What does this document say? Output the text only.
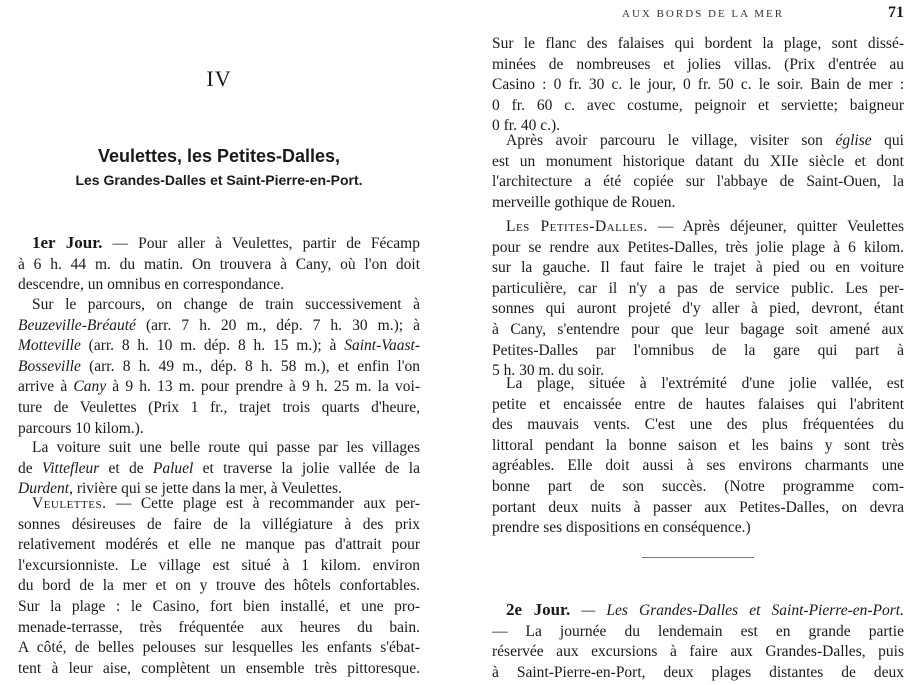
IV
Veulettes, les Petites-Dalles,
Les Grandes-Dalles et Saint-Pierre-en-Port.
1er Jour. — Pour aller à Veulettes, partir de Fécamp
à 6 h. 44 m. du matin. On trouvera à Cany, où l'on doit
descendre, un omnibus en correspondance.
Sur le parcours, on change de train successivement à
Beuzeville-Bréauté (arr. 7 h. 20 m., dép. 7 h. 30 m.); à
Motteville (arr. 8 h. 10 m. dép. 8 h. 15 m.); à Saint-Vaast-
Bosseville (arr. 8 h. 49 m., dép. 8 h. 58 m.), et enfin l'on
arrive à Cany à 9 h. 13 m. pour prendre à 9 h. 25 m. la voi-
ture de Veulettes (Prix 1 fr., trajet trois quarts d'heure,
parcours 10 kilom.).
La voiture suit une belle route qui passe par les villages
de Vittefleur et de Paluel et traverse la jolie vallée de la
Durdent, rivière qui se jette dans la mer, à Veulettes.
Veulettes. — Cette plage est à recommander aux per-
sonnes désireuses de faire de la villégiature à des prix
relativement modérés et elle ne manque pas d'attrait pour
l'excursionniste. Le village est situé à 1 kilom. environ
du bord de la mer et on y trouve des hôtels confortables.
Sur la plage : le Casino, fort bien installé, et une pro-
menade-terrasse, très fréquentée aux heures du bain.
A côté, de belles pelouses sur lesquelles les enfants s'ébat-
tent à leur aise, complètent un ensemble très pittoresque.
AUX BORDS DE LA MER	71
Sur le flanc des falaises qui bordent la plage, sont dissé-
minées de nombreuses et jolies villas. (Prix d'entrée au
Casino : 0 fr. 30 c. le jour, 0 fr. 50 c. le soir. Bain de mer :
0 fr. 60 c. avec costume, peignoir et serviette; baigneur
0 fr. 40 c.).
Après avoir parcouru le village, visiter son église qui
est un monument historique datant du XIIe siècle et dont
l'architecture a été copiée sur l'abbaye de Saint-Ouen, la
merveille gothique de Rouen.
Les Petites-Dalles. — Après déjeuner, quitter Veulettes
pour se rendre aux Petites-Dalles, très jolie plage à 6 kilom.
sur la gauche. Il faut faire le trajet à pied ou en voiture
particulière, car il n'y a pas de service public. Les per-
sonnes qui auront projeté d'y aller à pied, devront, étant
à Cany, s'entendre pour que leur bagage soit amené aux
Petites-Dalles par l'omnibus de la gare qui part à
5 h. 30 m. du soir.
La plage, située à l'extrémité d'une jolie vallée, est
petite et encaissée entre de hautes falaises qui l'abritent
des mauvais vents. C'est une des plus fréquentées du
littoral pendant la bonne saison et les bains y sont très
agréables. Elle doit aussi à ses environs charmants une
bonne part de son succès. (Notre programme com-
portant deux nuits à passer aux Petites-Dalles, on devra
prendre ses dispositions en conséquence.)
2e Jour. — Les Grandes-Dalles et Saint-Pierre-en-Port.
— La journée du lendemain est en grande partie
réservée aux excursions à faire aux Grandes-Dalles, puis
à Saint-Pierre-en-Port, deux plages distantes de deux
